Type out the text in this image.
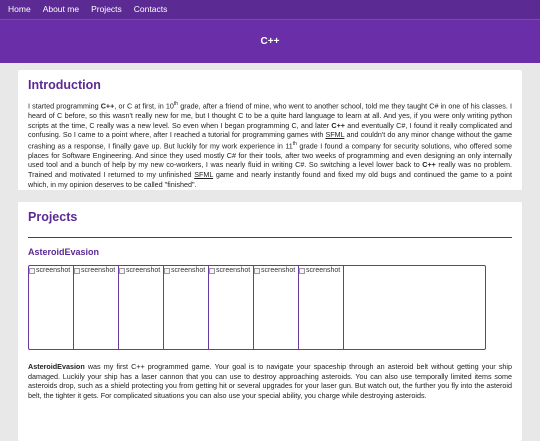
Home About me Projects Contacts
C++
Introduction

I started programming C++, or C at first, in 10th grade, after a friend of mine, who went to another school, told me they taught C# in one of his classes. I heard of C before, so this wasn't really new for me, but I thought C to be a quite hard language to learn at all. And yes, if you were only writing python scripts at the time, C really was a new level. So even when I began programming C, and later C++ and eventually C#, I found it really complicated and confusing. So I came to a point where, after I reached a tutorial for programming games with SFML and couldn't do any minor change without the game crashing as a response, I finally gave up. But luckily for my work experience in 11th grade I found a company for security solutions, who offered some places for Software Engineering. And since they used mostly C# for their tools, after two weeks of programming and even designing an only internally used tool and a bunch of help by my new co-workers, I was nearly fluid in writing C#. So switching a level lower back to C++ really was no problem. Trained and motivated I returned to my unfinished SFML game and nearly instantly found and fixed my old bugs and continued the game to a point which, in my opinion deserves to be called "finished".

Projects
AsteroidEvasion
screenshot screenshot screenshot screenshot screenshot screenshot screenshot

AsteroidEvasion was my first C++ programmed game. Your goal is to navigate your spaceship through an asteroid belt without getting your ship damaged. Luckily your ship has a laser cannon that you can use to destroy approaching asteroids. You can also use temporally limited items some asteroids drop, such as a shield protecting you from getting hit or several upgrades for your laser gun. But watch out, the further you fly into the asteroid belt, the tighter it gets. For complicated situations you can also use your special ability, you charge while destroying asteroids.
